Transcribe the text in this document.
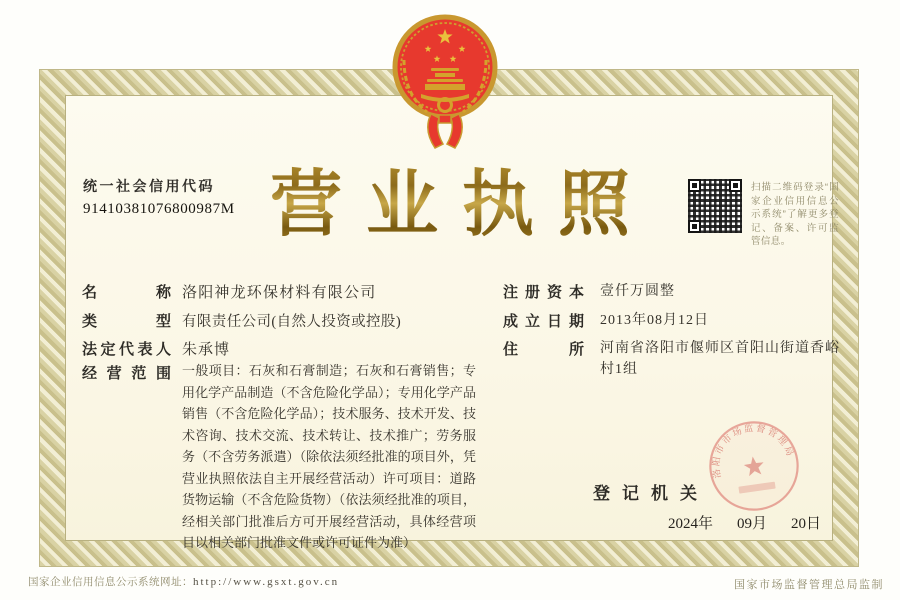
营业执照	扫描二维码登录“国家企业信用信息公示系统”了解更多登记、备案、许可监管信息。
名称 洛阳神龙环保材料有限公司
类型 有限责任公司(自然人投资或控股)
法定代表人 朱承博
经营范围 一般项目：石灰和石膏制造；石灰和石膏销售；专用化学产品制造（不含危险化学品）；专用化学产品销售（不含危险化学品）；技术服务、技术开发、技术咨询、技术交流、技术转让、技术推广；劳务服务（不含劳务派遣）（除依法须经批准的项目外，凭营业执照依法自主开展经营活动）许可项目：道路货物运输（不含危险货物）（依法须经批准的项目，经相关部门批准后方可开展经营活动，具体经营项目以相关部门批准文件或许可证件为准）
注册资本 壹仟万圆整
成立日期 2013年08月12日
住所 河南省洛阳市偃师区首阳山街道香峪村1组
登记机关
洛阳市市场监督管理局
2024年 09月 20日
国家企业信用信息公示系统网址：http://www.gsxt.gov.cn	国家市场监督管理总局监制
